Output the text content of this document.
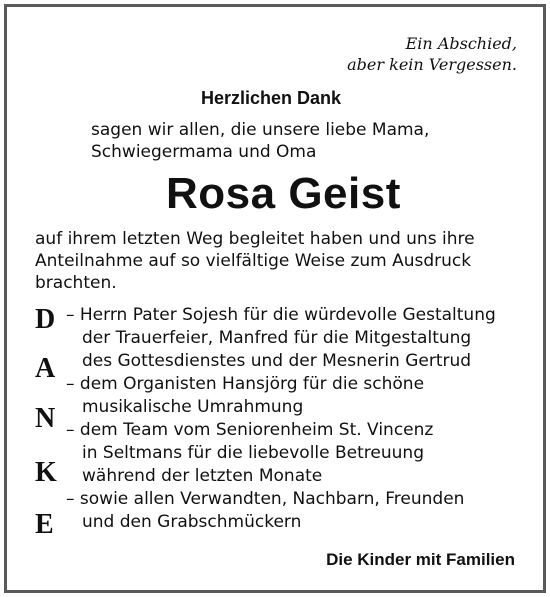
Ein Abschied,
aber kein Vergessen.
Herzlichen Dank
sagen wir allen, die unsere liebe Mama,
Schwiegermama und Oma
Rosa Geist
auf ihrem letzten Weg begleitet haben und uns ihre
Anteilnahme auf so vielfältige Weise zum Ausdruck
brachten.
D
A
N
K
E
– Herrn Pater Sojesh für die würdevolle Gestaltung
der Trauerfeier, Manfred für die Mitgestaltung
des Gottesdienstes und der Mesnerin Gertrud
– dem Organisten Hansjörg für die schöne
musikalische Umrahmung
– dem Team vom Seniorenheim St. Vincenz
in Seltmans für die liebevolle Betreuung
während der letzten Monate
– sowie allen Verwandten, Nachbarn, Freunden
und den Grabschmückern
Die Kinder mit Familien
